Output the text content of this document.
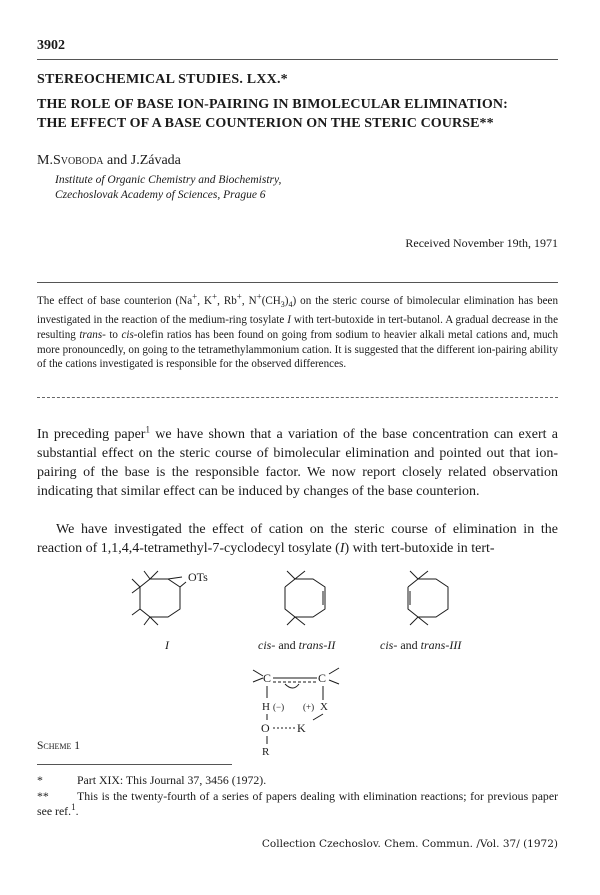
3902
STEREOCHEMICAL STUDIES. LXX.*
THE ROLE OF BASE ION-PAIRING IN BIMOLECULAR ELIMINATION:
THE EFFECT OF A BASE COUNTERION ON THE STERIC COURSE**
M.Svoboda and J.Závada
Institute of Organic Chemistry and Biochemistry,
Czechoslovak Academy of Sciences, Prague 6
Received November 19th, 1971
The effect of base counterion (Na+, K+, Rb+, $N^+(CH_3)_4$) on the steric course of bimolecular elimination has been investigated in the reaction of the medium-ring tosylate I with tert-butoxide in tert-butanol. A gradual decrease in the resulting trans- to cis-olefin ratios has been found on going from sodium to heavier alkali metal cations and, much more pronouncedly, on going to the tetramethylammonium cation. It is suggested that the different ion-pairing ability of the cations investigated is responsible for the observed differences.
In preceding paper$^1$ we have shown that a variation of the base concentration can exert a substantial effect on the steric course of bimolecular elimination and pointed out that ion-pairing of the base is the responsible factor. We now report closely related observation indicating that similar effect can be induced by changes of the base counterion.
We have investigated the effect of cation on the steric course of elimination in the reaction of 1,1,4,4-tetramethyl-7-cyclodecyl tosylate (I) with tert-butoxide in tert-
OTs
I	cis- and trans-II	cis- and trans-III
C	C
H (−) (+) X
O K
R
Scheme 1
*	Part XIX: This Journal 37, 3456 (1972).
** This is the twenty-fourth of a series of papers dealing with elimination reactions; for previous paper see ref.$^1$.
Collection Czechoslov. Chem. Commun. /Vol. 37/ (1972)
